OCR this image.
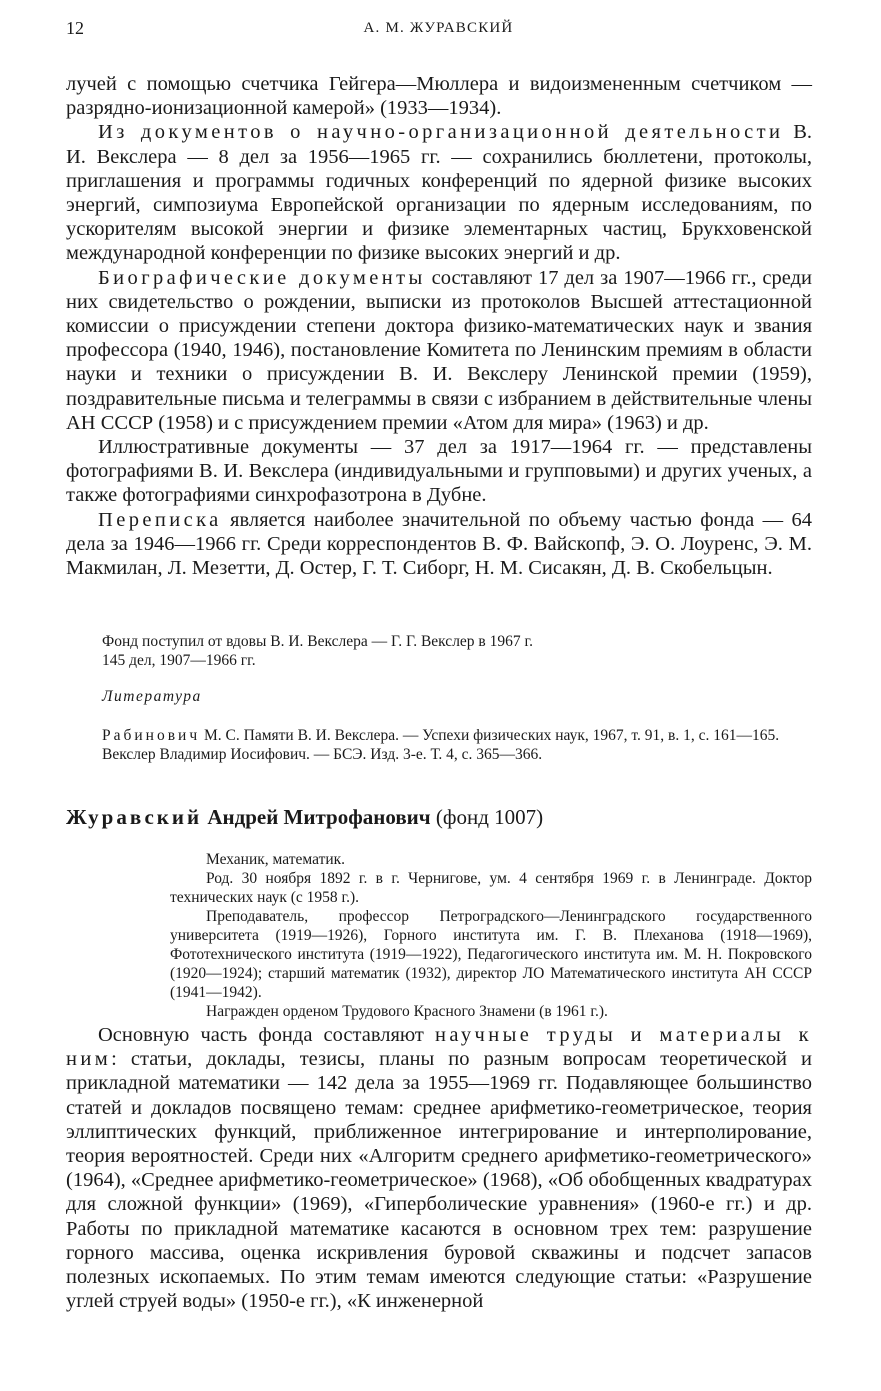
12	А. М. ЖУРАВСКИЙ

лучей с помощью счетчика Гейгера—Мюллера и видоизмененным счетчиком — разрядно-ионизационной камерой» (1933—1934).

Из документов о научно-организационной деятельности В. И. Векслера — 8 дел за 1956—1965 гг. — сохранились бюллетени, протоколы, приглашения и программы годичных конференций по ядерной физике высоких энергий, симпозиума Европейской организации по ядерным исследованиям, по ускорителям высокой энергии и физике элементарных частиц, Брукховенской международной конференции по физике высоких энергий и др.

Биографические документы составляют 17 дел за 1907—1966 гг., среди них свидетельство о рождении, выписки из протоколов Высшей аттестационной комиссии о присуждении степени доктора физико-математических наук и звания профессора (1940, 1946), постановление Комитета по Ленинским премиям в области науки и техники о присуждении В. И. Векслеру Ленинской премии (1959), поздравительные письма и телеграммы в связи с избранием в действительные члены АН СССР (1958) и с присуждением премии «Атом для мира» (1963) и др.

Иллюстративные документы — 37 дел за 1917—1964 гг. — представлены фотографиями В. И. Векслера (индивидуальными и групповыми) и других ученых, а также фотографиями синхрофазотрона в Дубне.

Переписка является наиболее значительной по объему частью фонда — 64 дела за 1946—1966 гг. Среди корреспондентов В. Ф. Вайскопф, Э. О. Лоуренс, Э. М. Макмилан, Л. Мезетти, Д. Остер, Г. Т. Сиборг, Н. М. Сисакян, Д. В. Скобельцын.

Фонд поступил от вдовы В. И. Векслера — Г. Г. Векслер в 1967 г.

145 дел, 1907—1966 гг.

Литература

Рабинович М. С. Памяти В. И. Векслера. — Успехи физических наук, 1967, т. 91, в. 1, с. 161—165.

Векслер Владимир Иосифович. — БСЭ. Изд. 3-е. Т. 4, с. 365—366.

Журавский Андрей Митрофанович (фонд 1007)

Механик, математик.

Род. 30 ноября 1892 г. в г. Чернигове, ум. 4 сентября 1969 г. в Ленинграде. Доктор технических наук (с 1958 г.).

Преподаватель, профессор Петроградского—Ленинградского государственного университета (1919—1926), Горного института им. Г. В. Плеханова (1918—1969), Фототехнического института (1919—1922), Педагогического института им. М. Н. Покровского (1920—1924); старший математик (1932), директор ЛО Математического института АН СССР (1941—1942).

Награжден орденом Трудового Красного Знамени (в 1961 г.).

Основную часть фонда составляют научные труды и материалы к ним: статьи, доклады, тезисы, планы по разным вопросам теоретической и прикладной математики — 142 дела за 1955—1969 гг. Подавляющее большинство статей и докладов посвящено темам: среднее арифметико-геометрическое, теория эллиптических функций, приближенное интегрирование и интерполирование, теория вероятностей. Среди них «Алгоритм среднего арифметико-геометрического» (1964), «Среднее арифметико-геометрическое» (1968), «Об обобщенных квадратурах для сложной функции» (1969), «Гиперболические уравнения» (1960-е гг.) и др. Работы по прикладной математике касаются в основном трех тем: разрушение горного массива, оценка искривления буровой скважины и подсчет запасов полезных ископаемых. По этим темам имеются следующие статьи: «Разрушение углей струей воды» (1950-е гг.), «К инженерной
